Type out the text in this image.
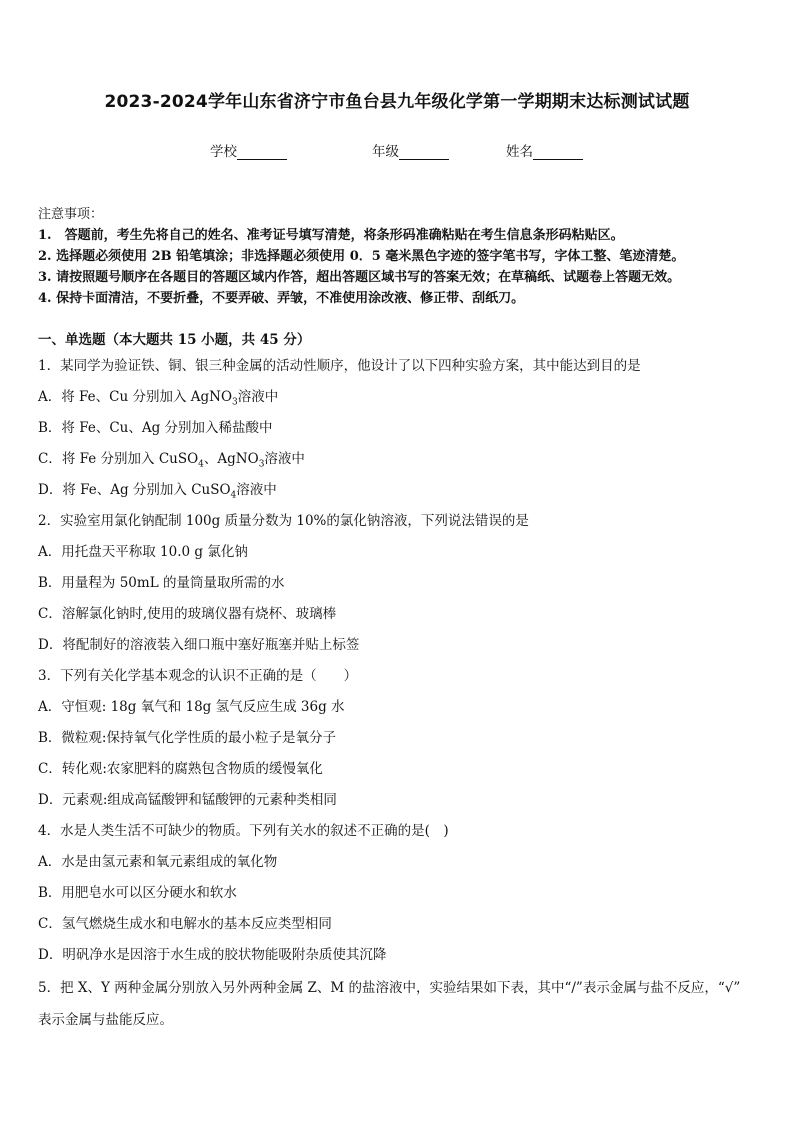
2023-2024学年山东省济宁市鱼台县九年级化学第一学期期末达标测试试题
学校	年级	姓名
注意事项：
1.　答题前，考生先将自己的姓名、准考证号填写清楚，将条形码准确粘贴在考生信息条形码粘贴区。
2. 选择题必须使用 2B 铅笔填涂；非选择题必须使用 0．5 毫米黑色字迹的签字笔书写，字体工整、笔迹清楚。
3. 请按照题号顺序在各题目的答题区域内作答，超出答题区域书写的答案无效；在草稿纸、试题卷上答题无效。
4. 保持卡面清洁，不要折叠，不要弄破、弄皱，不准使用涂改液、修正带、刮纸刀。
一、单选题（本大题共 15 小题，共 45 分）
1．某同学为验证铁、铜、银三种金属的活动性顺序，他设计了以下四种实验方案，其中能达到目的是
A．将 Fe、Cu 分别加入 AgNO$_3$溶液中
B．将 Fe、Cu、Ag 分别加入稀盐酸中
C．将 Fe 分别加入 CuSO$_4$、AgNO$_3$溶液中
D．将 Fe、Ag 分别加入 CuSO$_4$溶液中
2．实验室用氯化钠配制 100g 质量分数为 10%的氯化钠溶液，下列说法错误的是
A．用托盘天平称取 10.0 g 氯化钠
B．用量程为 50mL 的量筒量取所需的水
C．溶解氯化钠时,使用的玻璃仪器有烧杯、玻璃棒
D．将配制好的溶液装入细口瓶中塞好瓶塞并贴上标签
3．下列有关化学基本观念的认识不正确的是（　　）
A．守恒观: 18g 氧气和 18g 氢气反应生成 36g 水
B．微粒观:保持氧气化学性质的最小粒子是氧分子
C．转化观:农家肥料的腐熟包含物质的缓慢氧化
D．元素观:组成高锰酸钾和锰酸钾的元素种类相同
4．水是人类生活不可缺少的物质。下列有关水的叙述不正确的是(　)
A．水是由氢元素和氧元素组成的氧化物
B．用肥皂水可以区分硬水和软水
C．氢气燃烧生成水和电解水的基本反应类型相同
D．明矾净水是因溶于水生成的胶状物能吸附杂质使其沉降
5．把 X、Y 两种金属分别放入另外两种金属 Z、M 的盐溶液中，实验结果如下表，其中“/”表示金属与盐不反应，“√”
表示金属与盐能反应。
